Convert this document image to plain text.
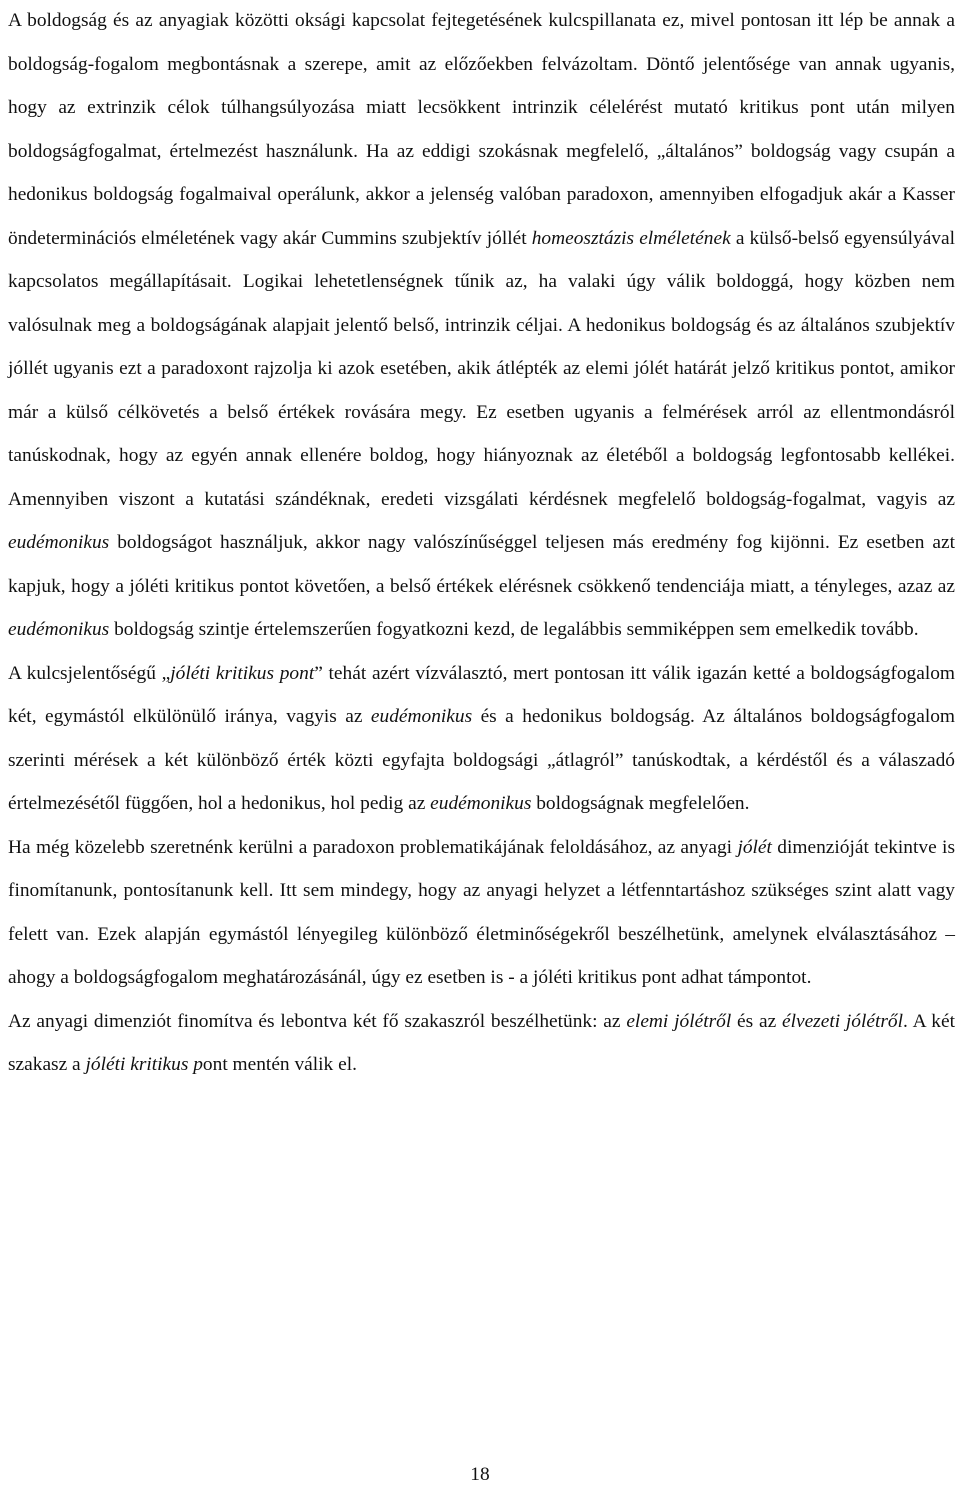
A boldogság és az anyagiak közötti oksági kapcsolat fejtegetésének kulcspillanata ez, mivel pontosan itt lép be annak a boldogság-fogalom megbontásnak a szerepe, amit az előzőekben felvázoltam. Döntő jelentősége van annak ugyanis, hogy az extrinzik célok túlhangsúlyozása miatt lecsökkent intrinzik célelérést mutató kritikus pont után milyen boldogságfogalmat, értelmezést használunk. Ha az eddigi szokásnak megfelelő, „általános” boldogság vagy csupán a hedonikus boldogság fogalmaival operálunk, akkor a jelenség valóban paradoxon, amennyiben elfogadjuk akár a Kasser öndeterminációs elméletének vagy akár Cummins szubjektív jóllét homeosztázis elméletének a külső-belső egyensúlyával kapcsolatos megállapításait. Logikai lehetetlenségnek tűnik az, ha valaki úgy válik boldoggá, hogy közben nem valósulnak meg a boldogságának alapjait jelentő belső, intrinzik céljai. A hedonikus boldogság és az általános szubjektív jóllét ugyanis ezt a paradoxont rajzolja ki azok esetében, akik átlépték az elemi jólét határát jelző kritikus pontot, amikor már a külső célkövetés a belső értékek rovására megy. Ez esetben ugyanis a felmérések arról az ellentmondásról tanúskodnak, hogy az egyén annak ellenére boldog, hogy hiányoznak az életéből a boldogság legfontosabb kellékei. Amennyiben viszont a kutatási szándéknak, eredeti vizsgálati kérdésnek megfelelő boldogság-fogalmat, vagyis az eudémonikus boldogságot használjuk, akkor nagy valószínűséggel teljesen más eredmény fog kijönni. Ez esetben azt kapjuk, hogy a jóléti kritikus pontot követően, a belső értékek elérésnek csökkenő tendenciája miatt, a tényleges, azaz az eudémonikus boldogság szintje értelemszerűen fogyatkozni kezd, de legalábbis semmiképpen sem emelkedik tovább.

A kulcsjelentőségű „jóléti kritikus pont” tehát azért vízválasztó, mert pontosan itt válik igazán ketté a boldogságfogalom két, egymástól elkülönülő iránya, vagyis az eudémonikus és a hedonikus boldogság. Az általános boldogságfogalom szerinti mérések a két különböző érték közti egyfajta boldogsági „átlagról” tanúskodtak, a kérdéstől és a válaszadó értelmezésétől függően, hol a hedonikus, hol pedig az eudémonikus boldogságnak megfelelően.

Ha még közelebb szeretnénk kerülni a paradoxon problematikájának feloldásához, az anyagi jólét dimenzióját tekintve is finomítanunk, pontosítanunk kell. Itt sem mindegy, hogy az anyagi helyzet a létfenntartáshoz szükséges szint alatt vagy felett van. Ezek alapján egymástól lényegileg különböző életminőségekről beszélhetünk, amelynek elválasztásához – ahogy a boldogságfogalom meghatározásánál, úgy ez esetben is - a jóléti kritikus pont adhat támpontot.

Az anyagi dimenziót finomítva és lebontva két fő szakaszról beszélhetünk: az elemi jólétről és az élvezeti jólétről. A két szakasz a jóléti kritikus pont mentén válik el.

18
